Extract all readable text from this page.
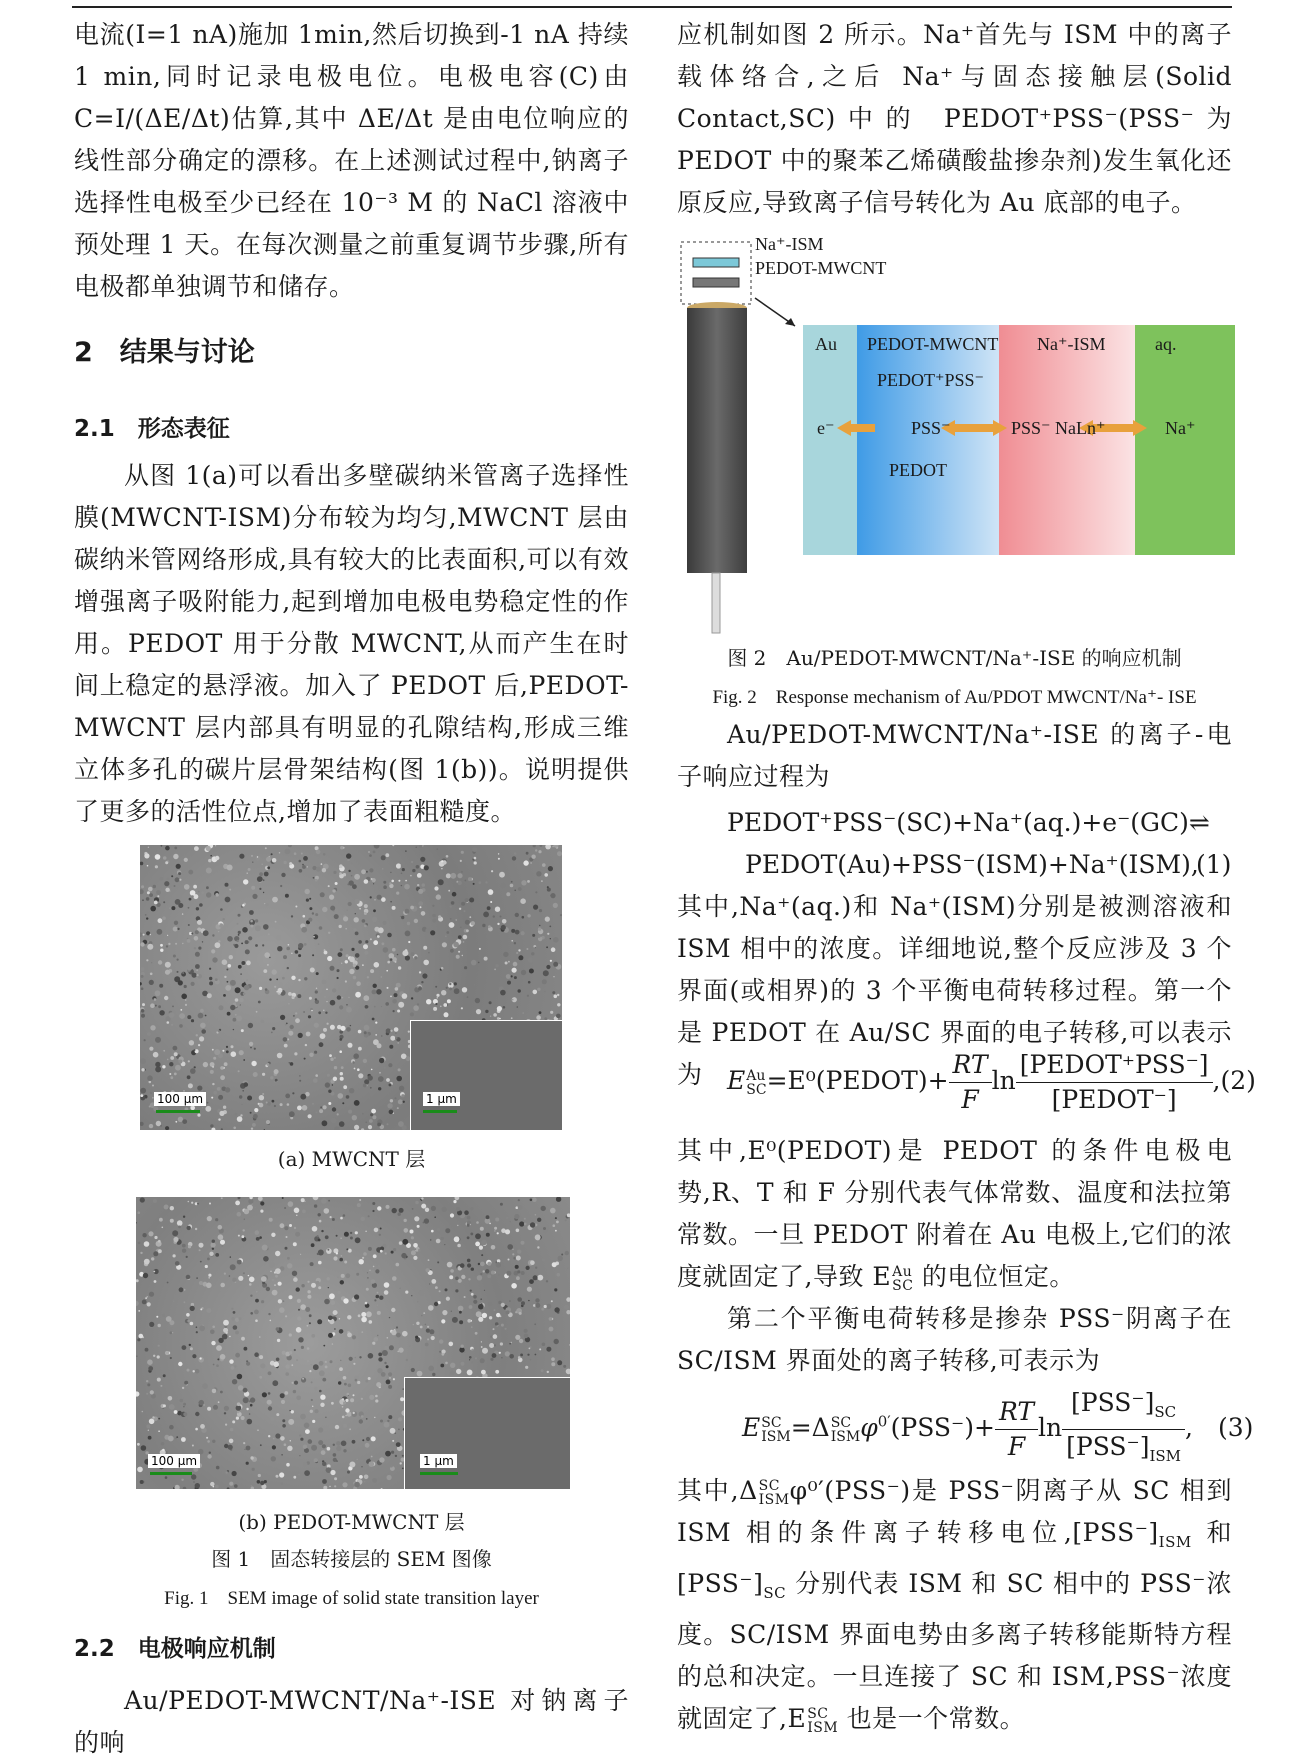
电流(I=1 nA)施加 1min,然后切换到-1 nA 持续 1 min,同时记录电极电位。电极电容(C)由 C=I/(ΔE/Δt)估算,其中 ΔE/Δt 是由电位响应的线性部分确定的漂移。在上述测试过程中,钠离子选择性电极至少已经在 10⁻³ M 的 NaCl 溶液中预处理 1 天。在每次测量之前重复调节步骤,所有电极都单独调节和储存。

2　结果与讨论

2.1　形态表征

从图 1(a)可以看出多壁碳纳米管离子选择性膜(MWCNT-ISM)分布较为均匀,MWCNT 层由碳纳米管网络形成,具有较大的比表面积,可以有效增强离子吸附能力,起到增加电极电势稳定性的作用。PEDOT 用于分散 MWCNT,从而产生在时间上稳定的悬浮液。加入了 PEDOT 后,PEDOT-MWCNT 层内部具有明显的孔隙结构,形成三维立体多孔的碳片层骨架结构(图 1(b))。说明提供了更多的活性位点,增加了表面粗糙度。

100 μm	1 μm

(a) MWCNT 层

100 μm	1 μm

(b) PEDOT-MWCNT 层

图 1　固态转接层的 SEM 图像

Fig. 1　SEM image of solid state transition layer

2.2　电极响应机制

Au/PEDOT-MWCNT/Na⁺-ISE 对钠离子的响

应机制如图 2 所示。Na⁺首先与 ISM 中的离子载体络合,之后 Na⁺与固态接触层(Solid Contact,SC)中的 PEDOT⁺PSS⁻(PSS⁻为 PEDOT 中的聚苯乙烯磺酸盐掺杂剂)发生氧化还原反应,导致离子信号转化为 Au 底部的电子。

Na⁺-ISM
PEDOT-MWCNT
Au PEDOT-MWCNT Na⁺-ISM	aq.
PEDOT⁺PSS⁻
e⁻	PSS⁻	PSS⁻ NaLn⁺	Na⁺
PEDOT

图 2　Au/PEDOT-MWCNT/Na⁺-ISE 的响应机制

Fig. 2　Response mechanism of Au/PDOT MWCNT/Na⁺- ISE

Au/PEDOT-MWCNT/Na⁺-ISE 的离子-电子响应过程为

PEDOT⁺PSS⁻(SC)+Na⁺(aq.)+e⁻(GC)⇌

PEDOT(Au)+PSS⁻(ISM)+Na⁺(ISM),

(1)

其中,Na⁺(aq.)和 Na⁺(ISM)分别是被测溶液和 ISM 相中的浓度。详细地说,整个反应涉及 3 个界面(或相界)的 3 个平衡电荷转移过程。第一个是 PEDOT 在 Au/SC 界面的电子转移,可以表示为 EAu
SC=E⁰(PEDOT)+ $\frac{RT}{F}$ $\ln \frac{\text{[PEDOT⁺PSS⁻]}}{\text{[PEDOT⁻]}} ,(2)$

其中,E⁰(PEDOT)是 PEDOT 的条件电极电势,R、T 和 F 分别代表气体常数、温度和法拉第常数。一旦 PEDOT 附着在 Au 电极上,它们的浓度就固定了,导致 EAu
SC 的电位恒定。

第二个平衡电荷转移是掺杂 PSS⁻阴离子在 SC/ISM 界面处的离子转移,可表示为

ESC
ISM=ΔSC
$ISM\varphi^{0'}(PSS^-)+ \frac{RT}{F}$ $\ln \frac{[PSS^-]_{SC}}{[PSS^-]_{ISM}}$ ,　(3)

其中,ΔSC
ISMφ⁰′(PSS⁻)是 PSS⁻阴离子从 SC 相到 ISM 相的条件离子转移电位$,[PSS^-]_{ISM}$ 和$[PSS^-]_{SC}$ 分别代表 ISM 和 SC 相中的 PSS⁻浓度。SC/ISM 界面电势由多离子转移能斯特方程的总和决定。一旦连接了 SC 和 ISM,PSS⁻浓度就固定了,ESC
ISM 也是一个常数。
